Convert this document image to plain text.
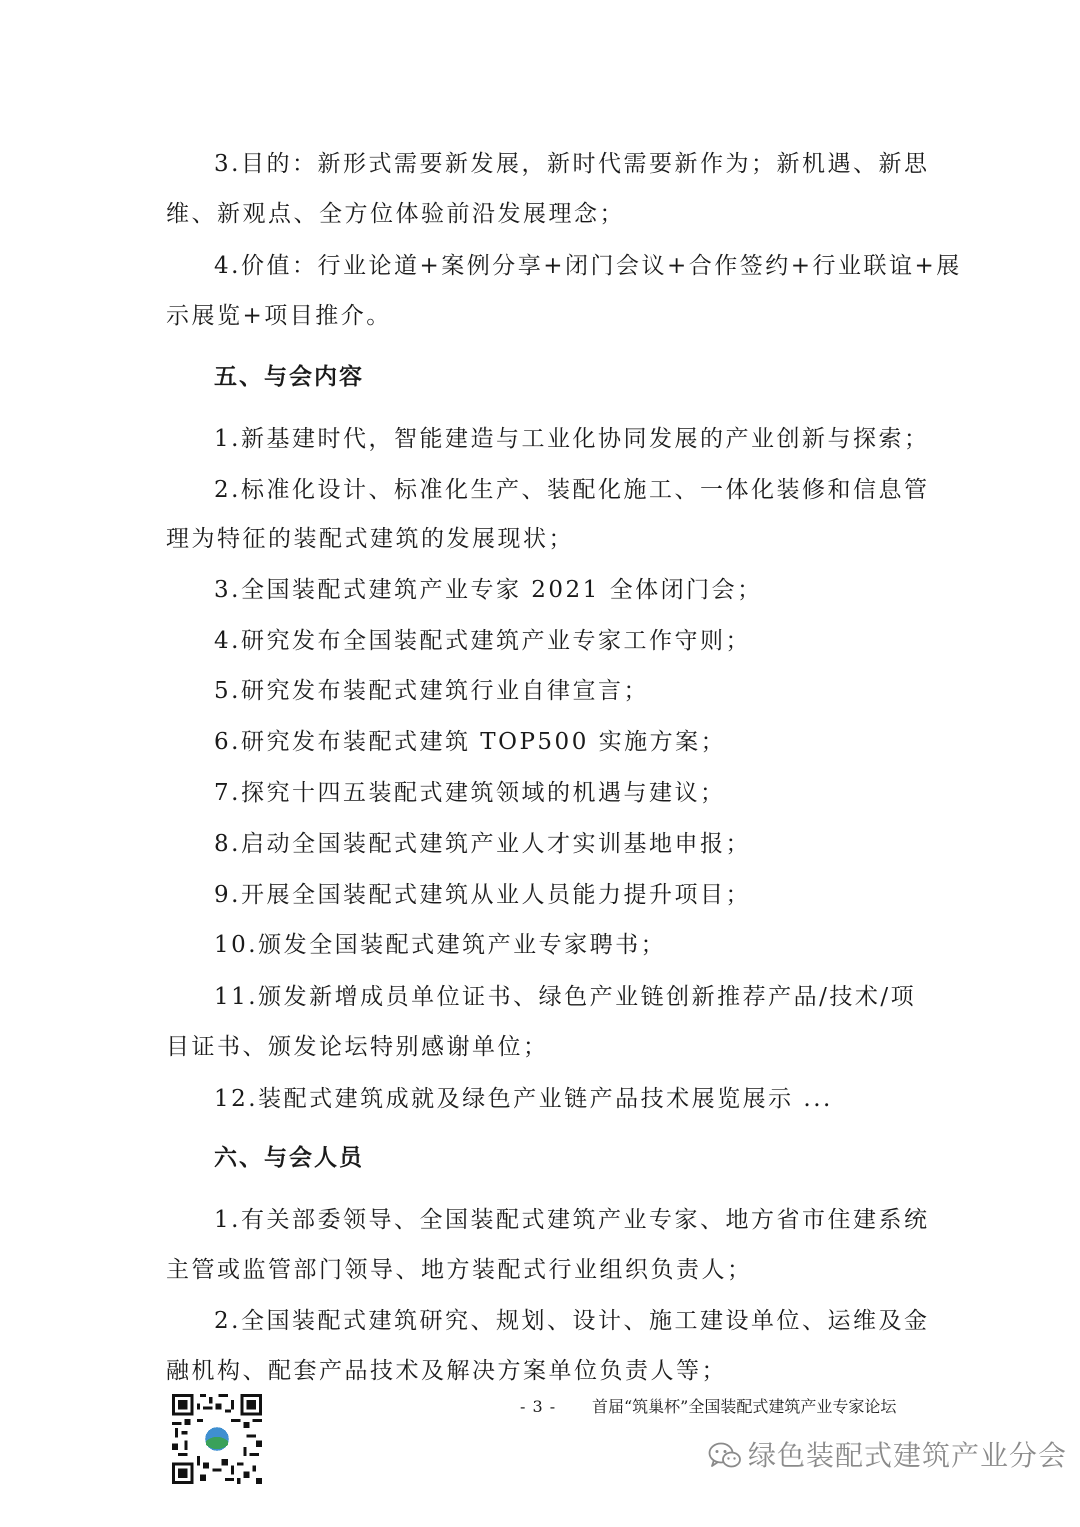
3.目的：新形式需要新发展，新时代需要新作为；新机遇、新思
维、新观点、全方位体验前沿发展理念；
4.价值：行业论道+案例分享+闭门会议+合作签约+行业联谊+展
示展览+项目推介。
五、与会内容
1.新基建时代，智能建造与工业化协同发展的产业创新与探索；
2.标准化设计、标准化生产、装配化施工、一体化装修和信息管
理为特征的装配式建筑的发展现状；
3.全国装配式建筑产业专家 2021 全体闭门会；
4.研究发布全国装配式建筑产业专家工作守则；
5.研究发布装配式建筑行业自律宣言；
6.研究发布装配式建筑 TOP500 实施方案；
7.探究十四五装配式建筑领域的机遇与建议；
8.启动全国装配式建筑产业人才实训基地申报；
9.开展全国装配式建筑从业人员能力提升项目；
10.颁发全国装配式建筑产业专家聘书；
11.颁发新增成员单位证书、绿色产业链创新推荐产品/技术/项
目证书、颁发论坛特别感谢单位；
12.装配式建筑成就及绿色产业链产品技术展览展示 ...
六、与会人员
1.有关部委领导、全国装配式建筑产业专家、地方省市住建系统
主管或监管部门领导、地方装配式行业组织负责人；
2.全国装配式建筑研究、规划、设计、施工建设单位、运维及金
融机构、配套产品技术及解决方案单位负责人等；
- 3 - 首届“筑巢杯”全国装配式建筑产业专家论坛
绿色装配式建筑产业分会
